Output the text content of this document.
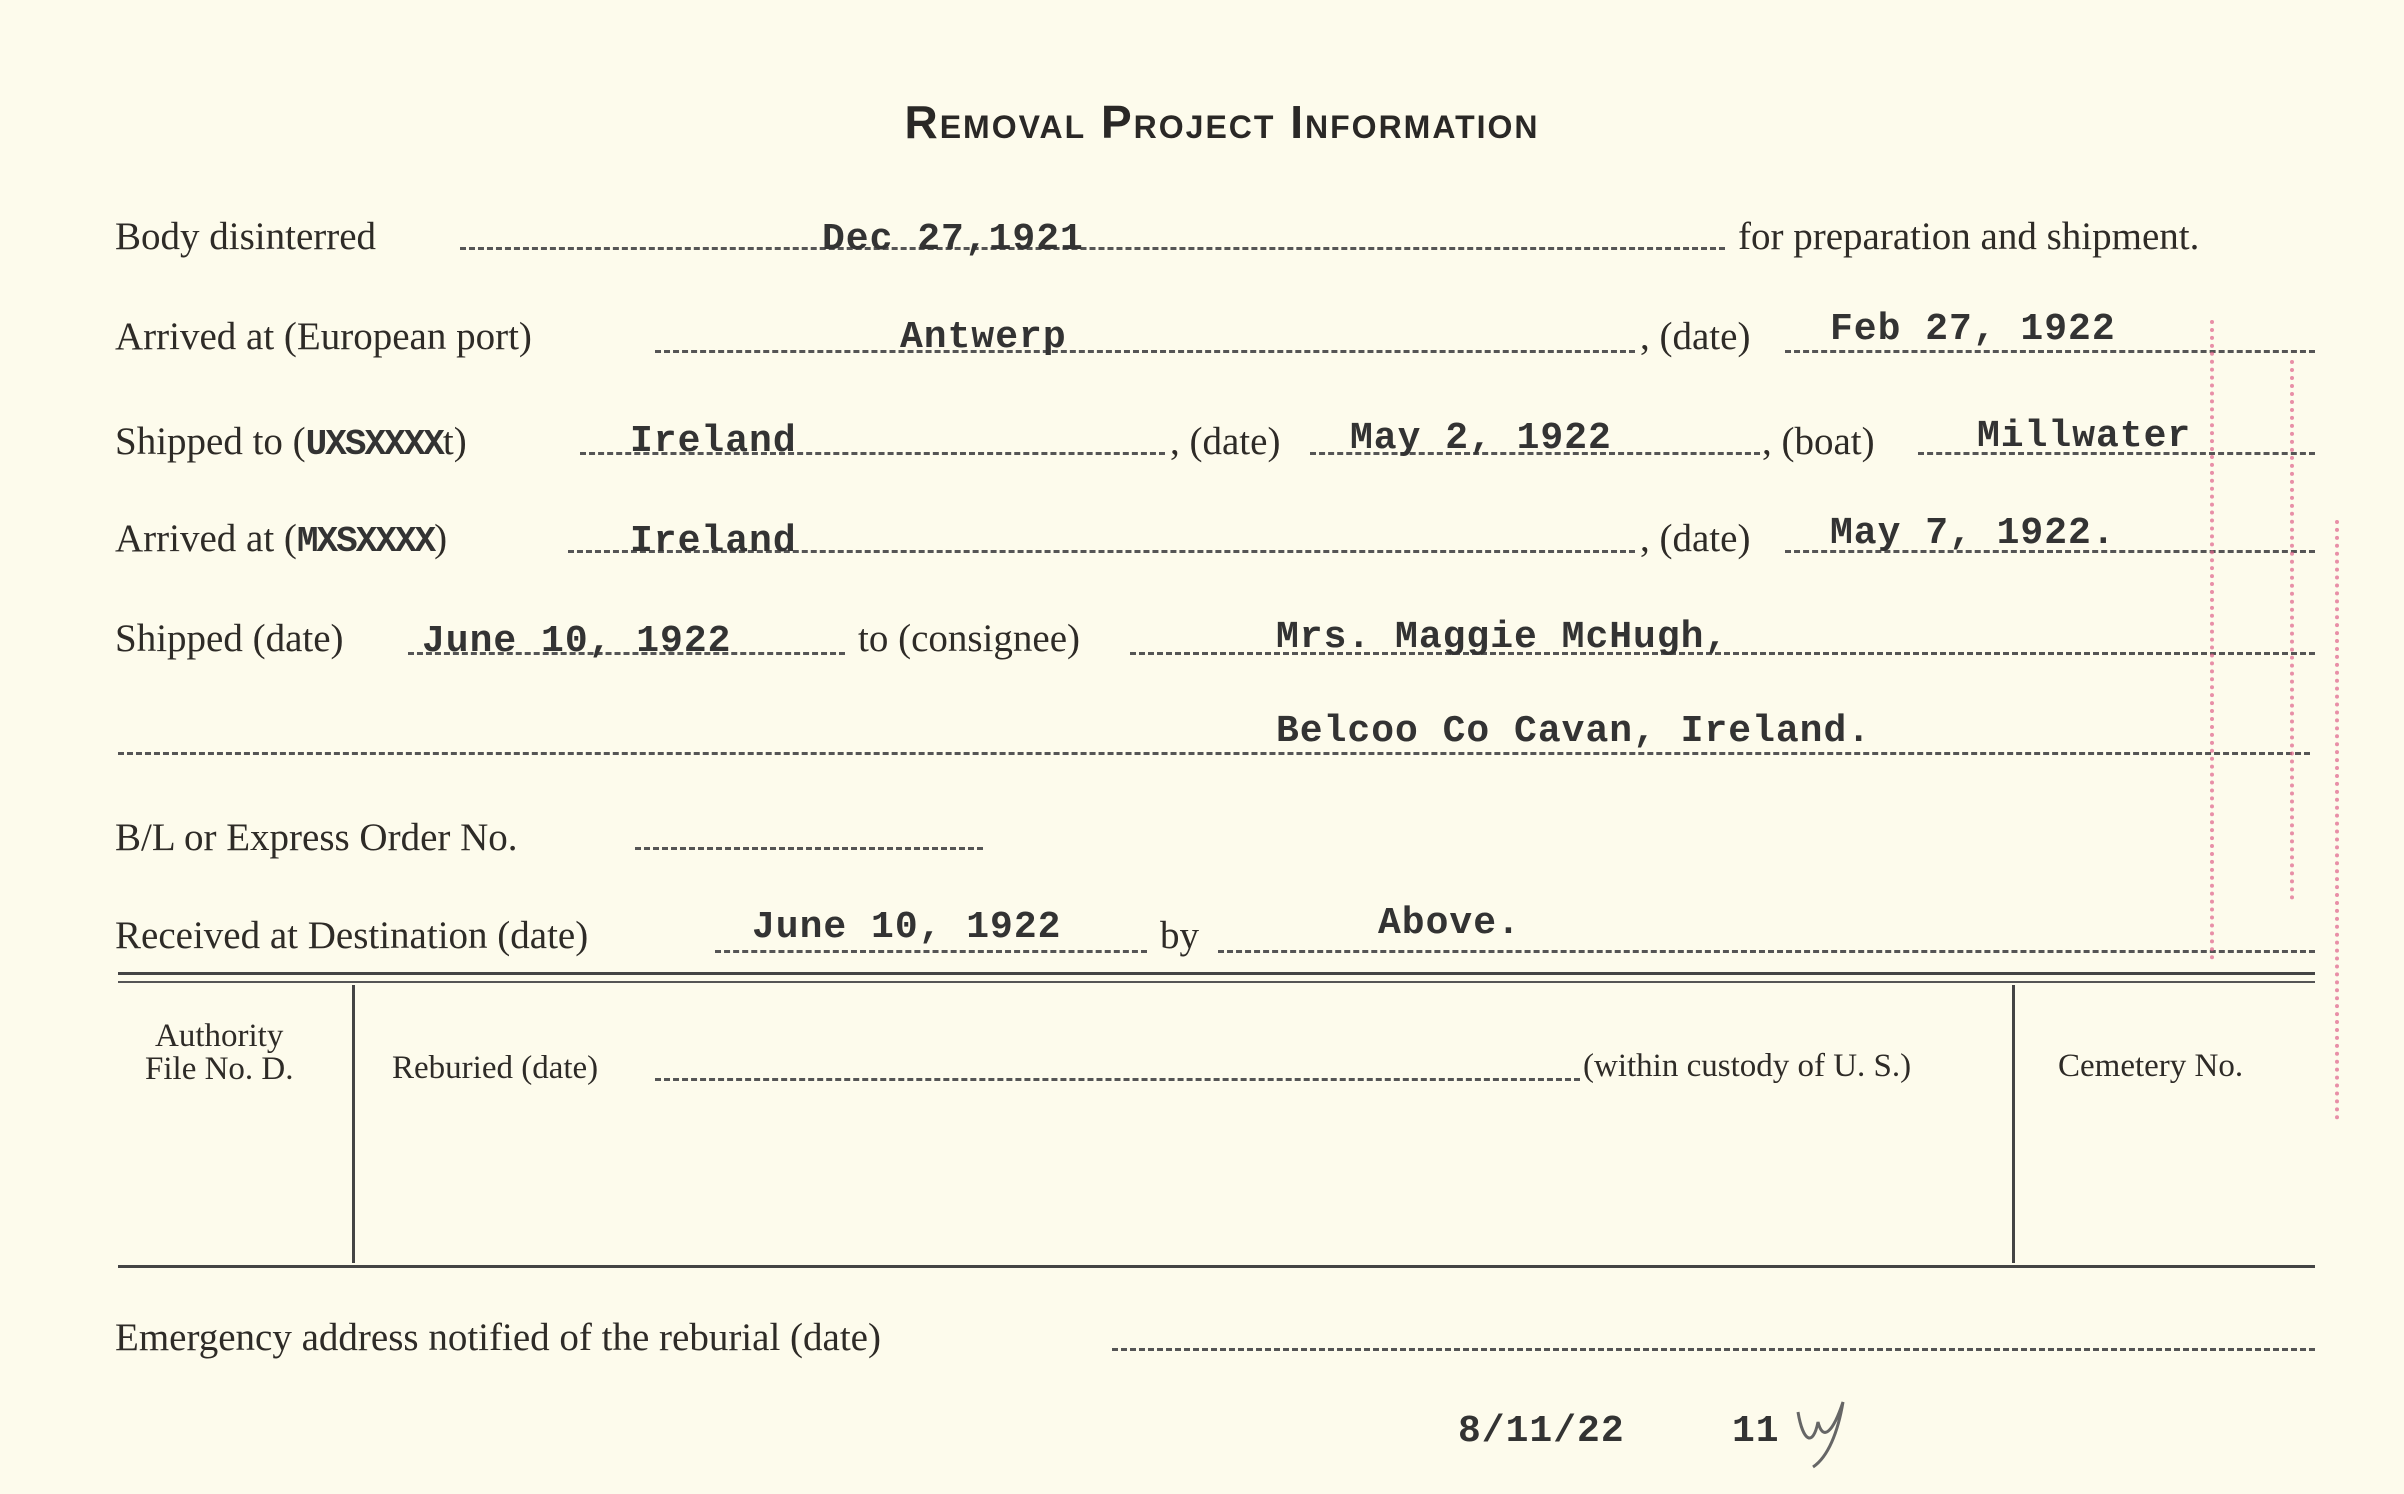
Removal Project Information
Body disinterred	Dec 27,1921	for preparation and shipment.
Arrived at (European port)	Antwerp	, (date) Feb 27, 1922
Shipped to (UXSXXXXt)	Ireland	, (date) May 2, 1922	, (boat)	Millwater
Arrived at (MXSXXXX)	Ireland	, (date) May 7, 1922.
Shipped (date) June 10, 1922	to (consignee)	Mrs. Maggie McHugh,
Belcoo Co Cavan, Ireland.
B/L or Express Order No.
Received at Destination (date)	June 10, 1922	by	Above.
Authority
File No. D.	Reburied (date)	(within custody of U. S.)	Cemetery No.
Emergency address notified of the reburial (date)
8/11/22	11
